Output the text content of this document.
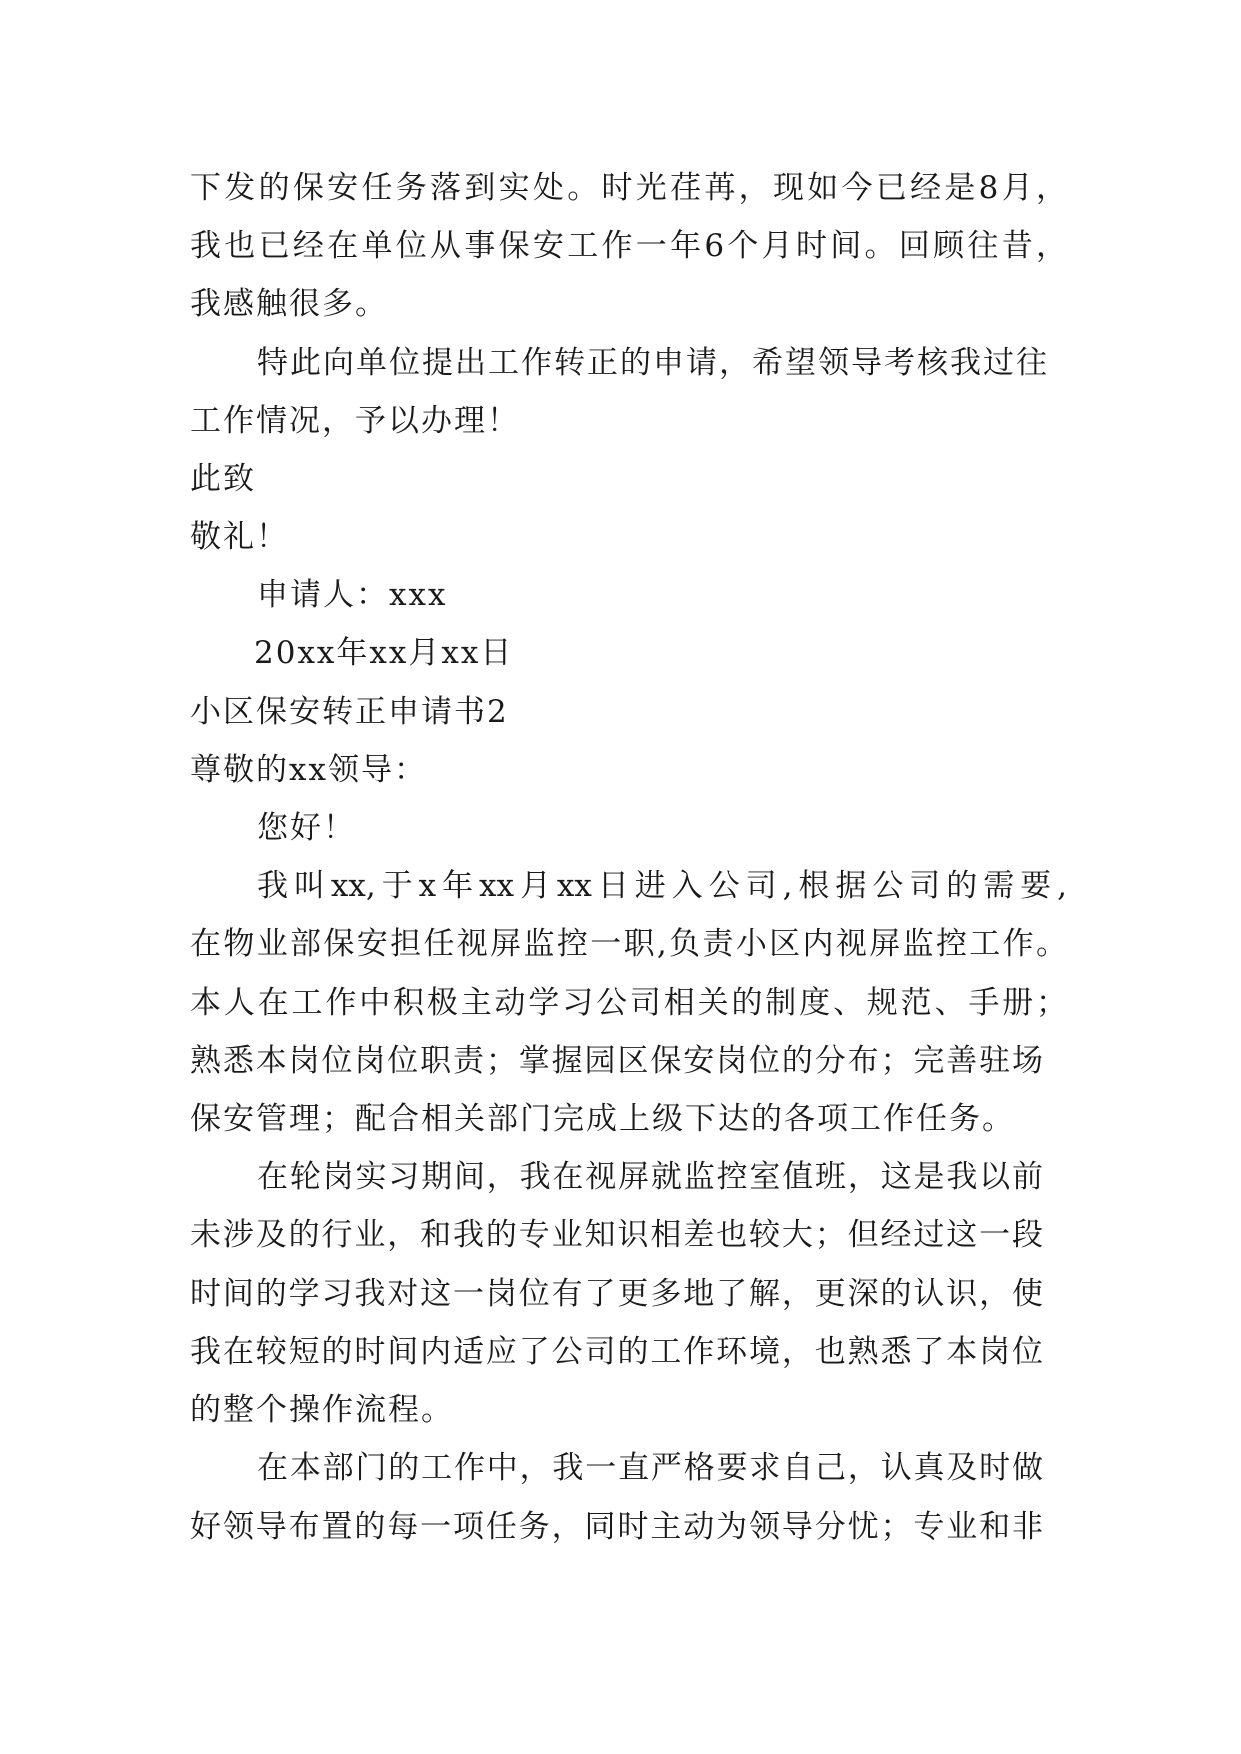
下发的保安任务落到实处。时光荏苒，现如今已经是8月，
我也已经在单位从事保安工作一年6个月时间。回顾往昔，
我感触很多。
特此向单位提出工作转正的申请，希望领导考核我过往
工作情况，予以办理！
此致
敬礼！
申请人：xxx
20xx年xx月xx日
小区保安转正申请书2
尊敬的xx领导：
您好！
我叫xx,于x年xx月xx日进入公司,根据公司的需要,
在物业部保安担任视屏监控一职,负责小区内视屏监控工作。
本人在工作中积极主动学习公司相关的制度、规范、手册；
熟悉本岗位岗位职责；掌握园区保安岗位的分布；完善驻场
保安管理；配合相关部门完成上级下达的各项工作任务。
在轮岗实习期间，我在视屏就监控室值班，这是我以前
未涉及的行业，和我的专业知识相差也较大；但经过这一段
时间的学习我对这一岗位有了更多地了解，更深的认识，使
我在较短的时间内适应了公司的工作环境，也熟悉了本岗位
的整个操作流程。
在本部门的工作中，我一直严格要求自己，认真及时做
好领导布置的每一项任务，同时主动为领导分忧；专业和非
